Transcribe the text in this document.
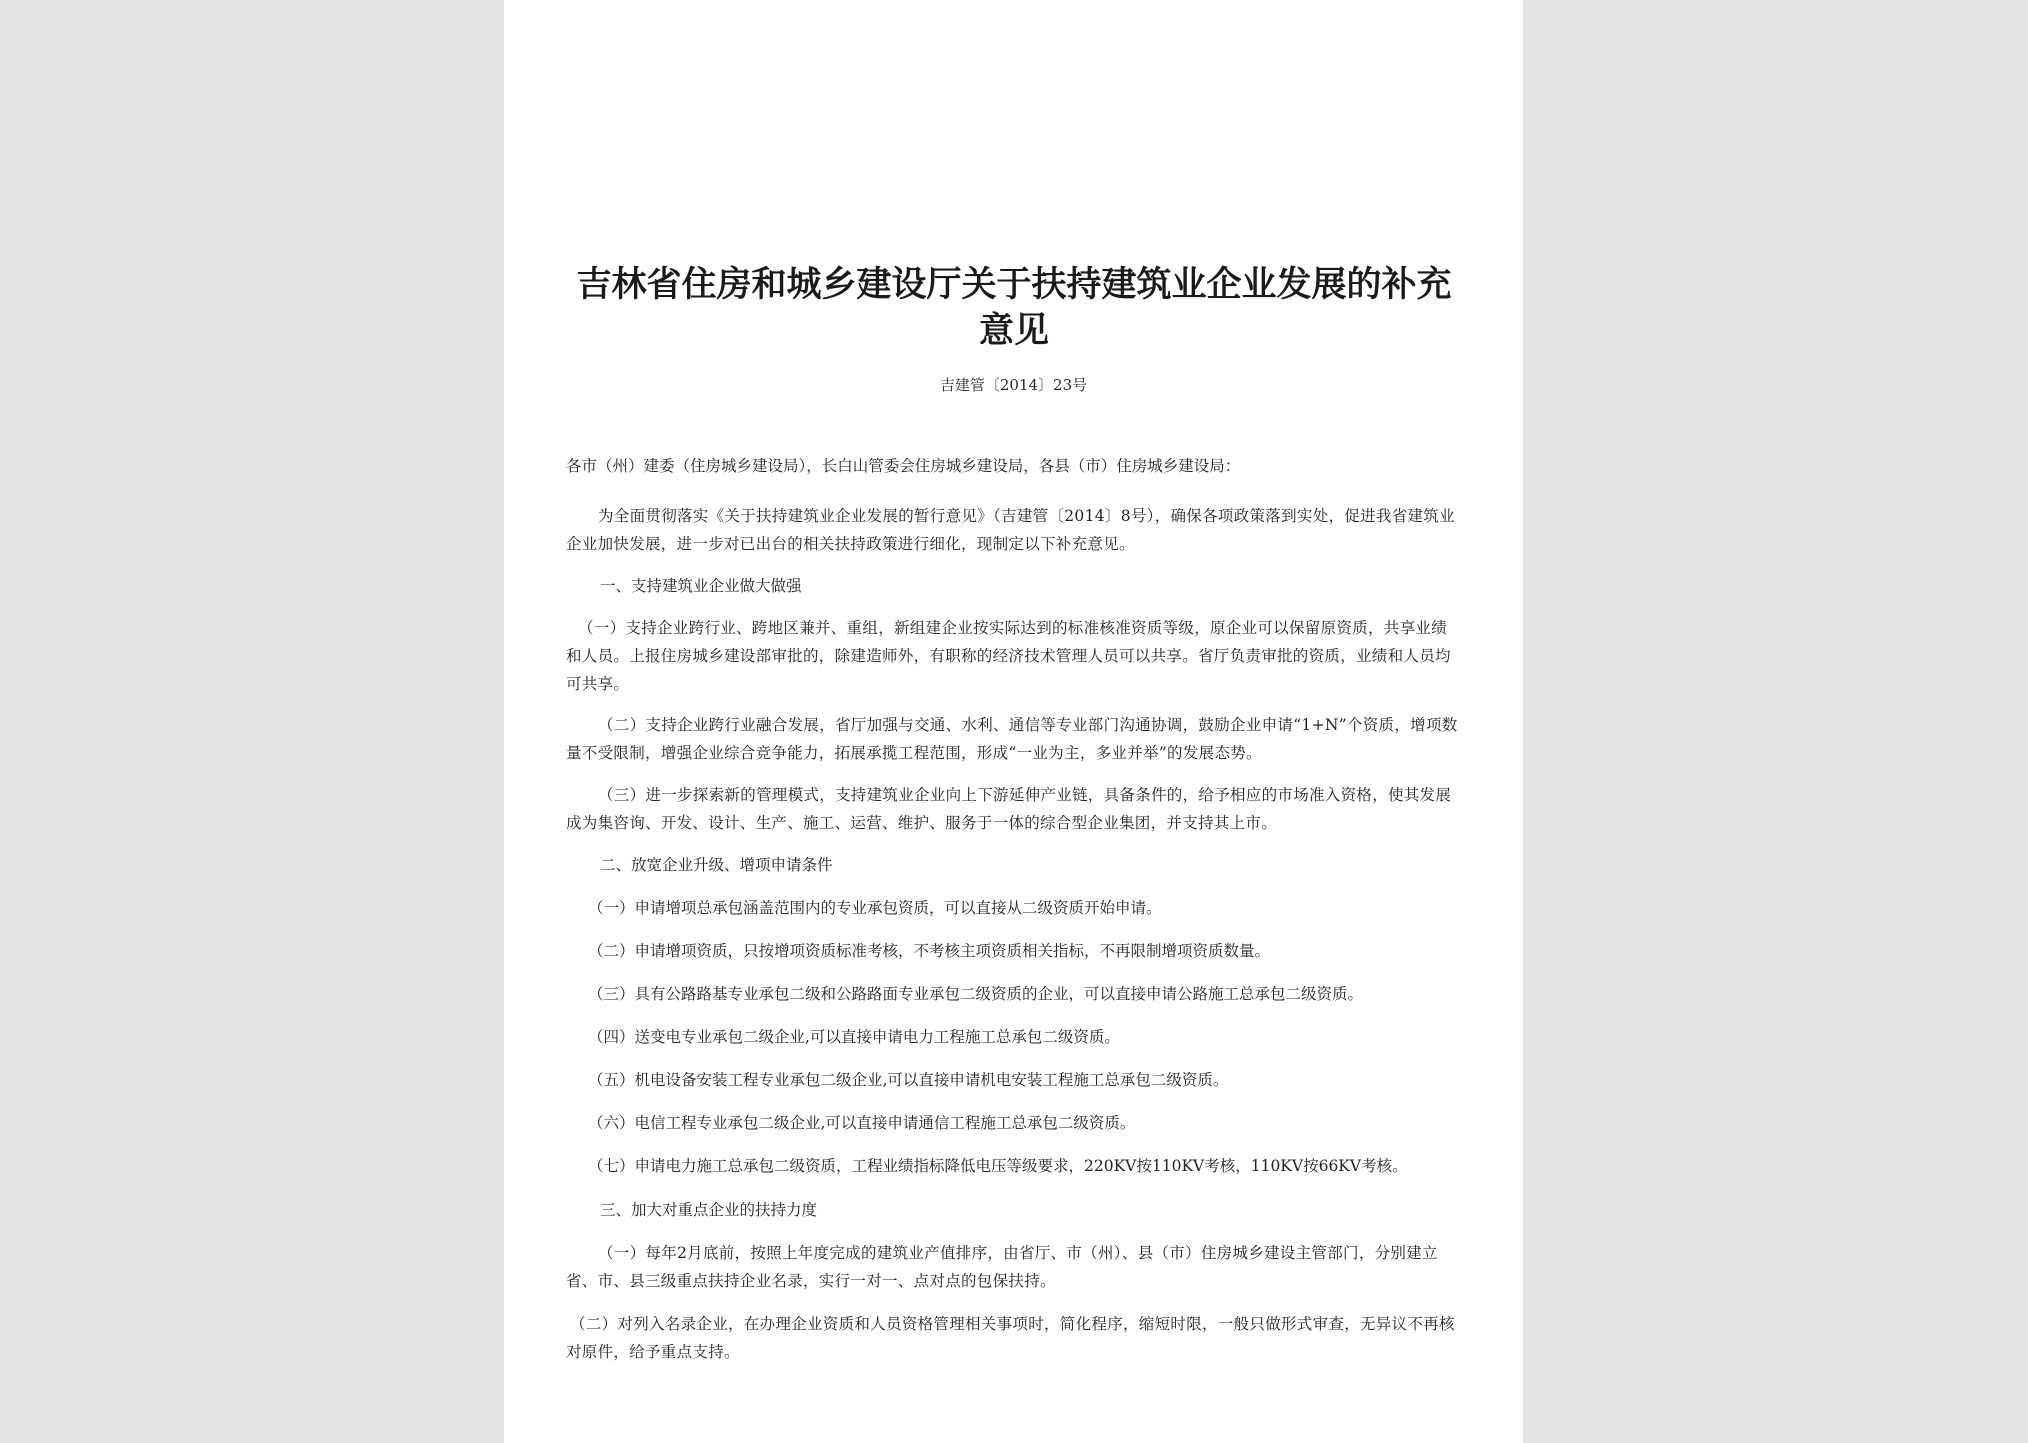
吉林省住房和城乡建设厅关于扶持建筑业企业发展的补充意见
吉建管〔2014〕23号

各市（州）建委（住房城乡建设局），长白山管委会住房城乡建设局，各县（市）住房城乡建设局：

为全面贯彻落实《关于扶持建筑业企业发展的暂行意见》（吉建管〔2014〕8号），确保各项政策落到实处，促进我省建筑业企业加快发展，进一步对已出台的相关扶持政策进行细化，现制定以下补充意见。

一、支持建筑业企业做大做强

（一）支持企业跨行业、跨地区兼并、重组，新组建企业按实际达到的标准核准资质等级，原企业可以保留原资质，共享业绩和人员。上报住房城乡建设部审批的，除建造师外，有职称的经济技术管理人员可以共享。省厅负责审批的资质，业绩和人员均可共享。

（二）支持企业跨行业融合发展，省厅加强与交通、水利、通信等专业部门沟通协调，鼓励企业申请“1+N”个资质，增项数量不受限制，增强企业综合竞争能力，拓展承揽工程范围，形成“一业为主，多业并举”的发展态势。

（三）进一步探索新的管理模式，支持建筑业企业向上下游延伸产业链，具备条件的，给予相应的市场准入资格，使其发展成为集咨询、开发、设计、生产、施工、运营、维护、服务于一体的综合型企业集团，并支持其上市。

二、放宽企业升级、增项申请条件

（一）申请增项总承包涵盖范围内的专业承包资质，可以直接从二级资质开始申请。

（二）申请增项资质，只按增项资质标准考核，不考核主项资质相关指标，不再限制增项资质数量。

（三）具有公路路基专业承包二级和公路路面专业承包二级资质的企业，可以直接申请公路施工总承包二级资质。

（四）送变电专业承包二级企业,可以直接申请电力工程施工总承包二级资质。

（五）机电设备安装工程专业承包二级企业,可以直接申请机电安装工程施工总承包二级资质。

（六）电信工程专业承包二级企业,可以直接申请通信工程施工总承包二级资质。

（七）申请电力施工总承包二级资质，工程业绩指标降低电压等级要求，220KV按110KV考核，110KV按66KV考核。

三、加大对重点企业的扶持力度

（一）每年2月底前，按照上年度完成的建筑业产值排序，由省厅、市（州）、县（市）住房城乡建设主管部门，分别建立省、市、县三级重点扶持企业名录，实行一对一、点对点的包保扶持。

（二）对列入名录企业，在办理企业资质和人员资格管理相关事项时，简化程序，缩短时限，一般只做形式审查，无异议不再核对原件，给予重点支持。
